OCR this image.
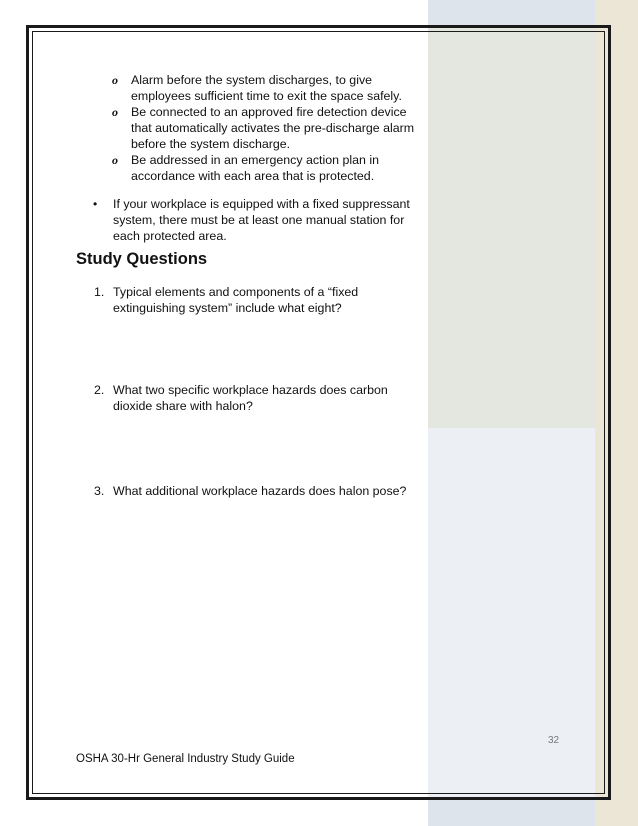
o Alarm before the system discharges, to give
employees sufficient time to exit the space safely.
o Be connected to an approved fire detection device
that automatically activates the pre-discharge alarm
before the system discharge.
o Be addressed in an emergency action plan in
accordance with each area that is protected.
• If your workplace is equipped with a fixed suppressant
system, there must be at least one manual station for
each protected area.
Study Questions
1. Typical elements and components of a “fixed
extinguishing system” include what eight?
2. What two specific workplace hazards does carbon
dioxide share with halon?
3. What additional workplace hazards does halon pose?
32
OSHA 30-Hr General Industry Study Guide
